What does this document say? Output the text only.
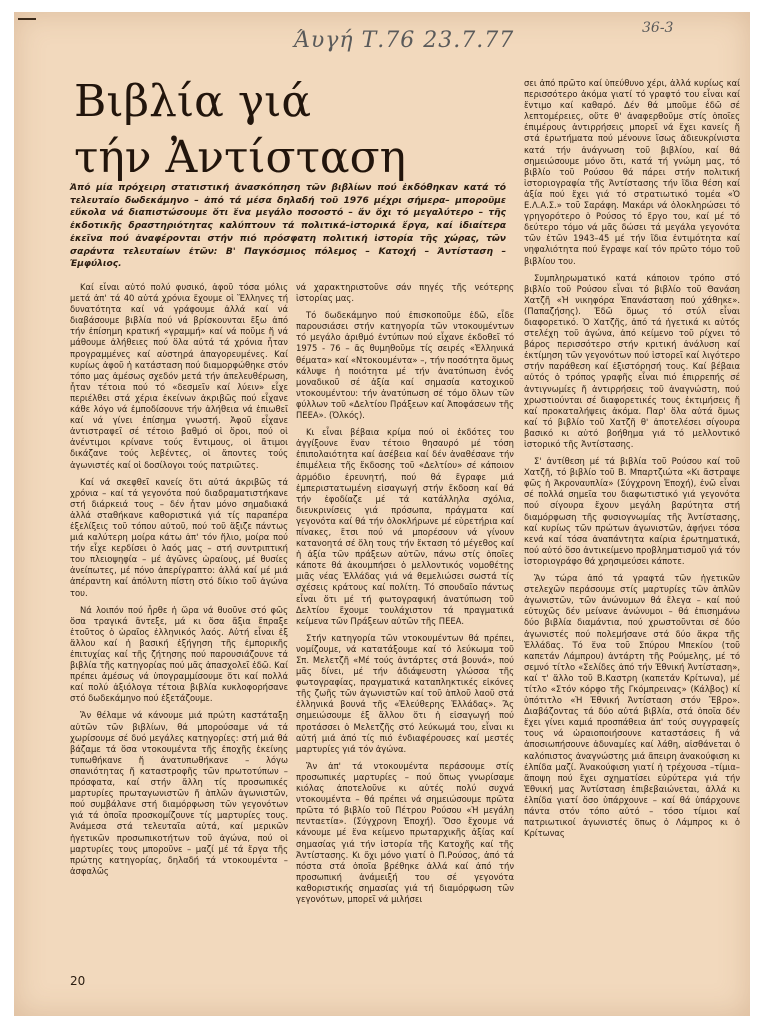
Άυγή Τ.76 23.7.77	36-3
Βιβλία γιά
τήν Ἀντίσταση

Ἀπό μία πρόχειρη στατιστική ἀνασκόπηση τῶν βιβλίων πού ἐκδόθηκαν κατά τό τελευταίο δωδεκάμηνο – ἀπό τά μέσα δηλαδή τοῦ 1976 μέχρι σήμερα– μποροῦμε εὔκολα νά διαπιστώσουμε ὅτι ἕνα μεγάλο ποσοστό – ἄν ὄχι τό μεγαλύτερο – τῆς ἐκδοτικῆς δραστηριότητας καλύπτουν τά πολιτικά–ἱστορικά ἔργα, καί ἰδιαίτερα ἐκεῖνα πού ἀναφέρονται στήν πιό πρόσφατη πολιτική ἱστορία τῆς χώρας, τῶν σαράντα τελευταίων ἐτῶν: Β' Παγκόσμιος πόλεμος – Κατοχή – Ἀντίσταση – Ἐμφύλιος.

Καί εἶναι αὐτό πολύ φυσικό, ἀφοῦ τόσα μόλις μετά ἀπ' τά 40 αὐτά χρόνια ἔχουμε οἱ Ἕλληνες τή δυνατότητα καί νά γράφουμε ἀλλά καί νά διαβάσουμε βιβλία πού νά βρίσκουνται ἔξω ἀπό τήν ἐπίσημη κρατική «γραμμή» καί νά ποῦμε ἤ νά μάθουμε ἀλήθειες πού ὅλα αὐτά τά χρόνια ἦταν προγραμμένες καί αὐστηρά ἀπαγορευμένες. Καί κυρίως ἀφοῦ ἡ κατάσταση πού διαμορφώθηκε στόν τόπο μας ἀμέσως σχεδόν μετά τήν ἀπελευθέρωση, ἦταν τέτοια πού τό «δεσμεῖν καί λύειν» εἶχε περιέλθει στά χέρια ἐκείνων ἀκριβῶς πού εἶχανε κάθε λόγο νά ἐμποδίσουνε τήν ἀλήθεια νά ἐπιωθεῖ καί νά γίνει ἐπίσημα γνωστή. Ἀφοῦ εἶχανε ἀντιστραφεῖ σέ τέτοιο βαθμό οἱ ὅροι, πού οἱ ἀνέντιμοι κρίνανε τούς ἔντιμους, οἱ ἄτιμοι δικάζανε τούς λεβέντες, οἱ ἄποντες τούς ἀγωνιστές καί οἱ δοσίλογοι τούς πατριῶτες.

Καί νά σκεφθεῖ κανείς ὅτι αὐτά ἀκριβῶς τά χρόνια – καί τά γεγονότα πού διαδραματιστήκανε στή διάρκειά τους – δέν ἦταν μόνο σημαδιακά ἀλλά σταθήκανε καθοριστικά γιά τίς παραπέρα ἐξελίξεις τοῦ τόπου αὐτοῦ, πού τοῦ ἄξιζε πάντως μιά καλύτερη μοίρα κάτω ἀπ' τόν ἥλιο, μοίρα πού τήν εἶχε κερδίσει ὁ λαός μας – στή συντριπτική του πλειοψηφία – μέ ἀγῶνες ὡραίους, μέ θυσίες ἀνείπωτες, μέ πόνο ἀπερίγραπτο: ἀλλά καί μέ μιά ἀπέραντη καί ἀπόλυτη πίστη στό δίκιο τοῦ ἀγώνα του.

Νά λοιπόν πού ἦρθε ἡ ὥρα νά θυοῦνε στό φῶς ὅσα τραγικά ἄντεξε, μά κι ὅσα ἄξια ἔπραξε ἐτοῦτος ὁ ὡραῖος ἑλληνικός λαός. Αὐτή εἶναι ἐξ ἄλλου καί ἡ βασική ἐξήγηση τῆς ἐμπορικῆς ἐπιτυχίας καί τῆς ζήτησης πού παρουσιάζουνε τά βιβλία τῆς κατηγορίας πού μᾶς ἀπασχολεῖ ἐδῶ. Καί πρέπει ἀμέσως νά ὑπογραμμίσουμε ὅτι καί πολλά καί πολύ ἀξιόλογα τέτοια βιβλία κυκλοφορήσανε στό δωδεκάμηνο πού ἐξετάζουμε.

Ἄν θέλαμε νά κάνουμε μιά πρώτη καστάταξη αὐτῶν τῶν βιβλίων, θά μπορούσαμε νά τά χωρίσουμε σέ δυό μεγάλες κατηγορίες: στή μιά θά βάζαμε τά ὅσα ντοκουμέντα τῆς ἐποχῆς ἐκείνης τυπωθήκανε ἤ ἀνατυπωθήκανε – λόγω σπανιότητας ἤ καταστροφῆς τῶν πρωτοτύπων – πρόσφατα, καί στήν ἄλλη τίς προσωπικές μαρτυρίες πρωταγωνιστῶν ἤ ἁπλῶν ἀγωνιστῶν, πού συμβάλανε στή διαμόρφωση τῶν γεγονότων γιά τά ὁποῖα προσκομίζουνε τίς μαρτυρίες τους. Ἀνάμεσα στά τελευταῖα αὐτά, καί μερικῶν ἡγετικῶν προσωπικοτήτων τοῦ ἀγώνα, πού οἱ μαρτυρίες τους μποροῦνε – μαζί μέ τά ἔργα τῆς πρώτης κατηγορίας, δηλαδή τά ντοκουμέντα – ἀσφαλῶς

νά χαρακτηριστοῦνε σάν πηγές τῆς νεότερης ἱστορίας μας.

Τό δωδεκάμηνο πού ἐπισκοποῦμε ἐδῶ, εἶδε παρουσιάσει στήν κατηγορία τῶν ντοκουμέντων τό μεγάλο ἀριθμό ἐντύπων πού εἶχανε ἐκδοθεῖ τό 1975 - 76 – ἄς θυμηθοῦμε τίς σειρές «Ἑλληνικά θέματα» καί «Ντοκουμέντα» –, τήν ποσότητα ὅμως κάλυψε ἡ ποιότητα μέ τήν ἀνατύπωση ἑνός μοναδικοῦ σέ ἀξία καί σημασία κατοχικοῦ ντοκουμέντου: τήν ἀνατύπωση σέ τόμο ὅλων τῶν φύλλων τοῦ «Δελτίου Πράξεων καί Ἀποφάσεων τῆς ΠΕΕΑ». (Ὀλκός).

Κι εἶναι βέβαια κρίμα πού οἱ ἐκδότες του ἀγγίξουνε ἕναν τέτοιο θησαυρό μέ τόση ἐπιπολαιότητα καί ἀσέβεια καί δέν ἀναθέσανε τήν ἐπιμέλεια τῆς ἔκδοσης τοῦ «Δελτίου» σέ κάποιον ἁρμόδιο ἐρευνητή, πού θά ἔγραφε μιά ἐμπεριστατωμένη εἰσαγωγή στήν ἔκδοση καί θά τήν ἐφοδίαζε μέ τά κατάλληλα σχόλια, διευκρινίσεις γιά πρόσωπα, πράγματα καί γεγονότα καί θά τήν ὁλοκλήρωνε μέ εὑρετήρια καί πίνακες, ἔτσι πού νά μπορέσουν νά γίνουν κατανοητά σέ ὅλη τους τήν ἔκταση τό μέγεθος καί ἡ ἀξία τῶν πράξεων αὐτῶν, πάνω στίς ὁποῖες κάποτε θά ἀκουμπήσει ὁ μελλοντικός νομοθέτης μιᾶς νέας Ἑλλάδας γιά νά θεμελιώσει σωστά τίς σχέσεις κράτους καί πολίτη. Τό σπουδαῖο πάντως εἶναι ὅτι μέ τή φωτογραφική ἀνατύπωση τοῦ Δελτίου ἔχουμε τουλάχιστον τά πραγματικά κείμενα τῶν Πράξεων αὐτῶν τῆς ΠΕΕΑ.

Στήν κατηγορία τῶν ντοκουμέντων θά πρέπει, νομίζουμε, νά κατατάξουμε καί τό λεύκωμα τοῦ Σπ. Μελετζῆ «Μέ τούς ἀντάρτες στά βουνά», πού μᾶς δίνει, μέ τήν ἀδιάψευστη γλώσσα τῆς φωτογραφίας, πραγματικά καταπληκτικές εἰκόνες τῆς ζωῆς τῶν ἀγωνιστῶν καί τοῦ ἁπλοῦ λαοῦ στά ἑλληνικά βουνά τῆς «Ἐλεύθερης Ἑλλάδας». Ἄς σημειώσουμε ἐξ ἄλλου ὅτι ἡ εἰσαγωγή πού προτάσσει ὁ Μελετζῆς στό λεύκωμά του, εἶναι κι αὐτή μιά ἀπό τίς πιό ἐνδιαφέρουσες καί μεστές μαρτυρίες γιά τόν ἀγώνα.

Ἄν ἀπ' τά ντοκουμέντα περάσουμε στίς προσωπικές μαρτυρίες – πού ὅπως γνωρίσαμε κιόλας ἀποτελοῦνε κι αὐτές πολύ συχνά ντοκουμέντα – θά πρέπει νά σημειώσουμε πρῶτα πρῶτα τό βιβλίο τοῦ Πέτρου Ρούσου «Ἡ μεγάλη πενταετία». (Σύγχρονη Ἐποχή). Ὅσο ἔχουμε νά κάνουμε μέ ἕνα κείμενο πρωταρχικῆς ἀξίας καί σημασίας γιά τήν ἱστορία τῆς Κατοχῆς καί τῆς Ἀντίστασης. Κι ὄχι μόνο γιατί ὁ Π.Ρούσος, ἀπό τά πόστα στά ὁποῖα βρέθηκε ἀλλά καί ἀπό τήν προσωπική ἀνάμειξή του σέ γεγονότα καθοριστικής σημασίας γιά τή διαμόρφωση τῶν γεγονότων, μπορεῖ νά μιλήσει

σει ἀπό πρῶτο καί ὑπεύθυνο χέρι, ἀλλά κυρίως καί περισσότερο ἀκόμα γιατί τό γραφτό του εἶναι καί ἔντιμο καί καθαρό. Δέν θά μποῦμε ἐδῶ σέ λεπτομέρειες, οὔτε θ' ἀναφερθοῦμε στίς ὁποῖες ἐπιμέρους ἀντιρρήσεις μπορεῖ νά ἔχει κανείς ἤ στά ἐρωτήματα πού μένουνε ἴσως ἀδιευκρίνιστα κατά τήν ἀνάγνωση τοῦ βιβλίου, καί θά σημειώσουμε μόνο ὅτι, κατά τή γνώμη μας, τό βιβλίο τοῦ Ρούσου θά πάρει στήν πολιτική ἱστοριογραφία τῆς Ἀντίστασης τήν ἴδια θέση καί ἀξία πού ἔχει γιά τό στρατιωτικό τομέα «Ὁ Ε.Λ.Α.Σ.» τοῦ Σαράφη. Μακάρι νά ὁλοκληρώσει τό γρηγορότερο ὁ Ρούσος τό ἔργο του, καί μέ τό δεύτερο τόμο νά μᾶς δώσει τά μεγάλα γεγονότα τῶν ἐτῶν 1943–45 μέ τήν ἴδια ἐντιμότητα καί νηφαλιότητα πού ἔγραψε καί τόν πρῶτο τόμο τοῦ βιβλίου του.

Συμπληρωματικό κατά κάποιον τρόπο στό βιβλίο τοῦ Ρούσου εἶναι τό βιβλίο τοῦ Θανάση Χατζῆ «Ἡ νικηφόρα Ἐπανάσταση πού χάθηκε». (Παπαζήσης). Ἐδῶ ὅμως τό στύλ εἶναι διαφορετικό. Ὁ Χατζῆς, ἀπό τά ἡγετικά κι αὐτός στελέχη τοῦ ἀγώνα, ἀπό κείμενο τοῦ ρίχνει τό βάρος περισσότερο στήν κριτική ἀνάλυση καί ἐκτίμηση τῶν γεγονότων πού ἱστορεῖ καί λιγότερο στήν παράθεση καί ἐξιστόρησή τους. Καί βέβαια αὐτός ὁ τρόπος γραφῆς εἶναι πιό ἐπιρρεπής σέ ἀντιγνωμίες ἤ ἀντιρρήσεις τοῦ ἀναγνώστη, πού χρωστιούνται σέ διαφορετικές τους ἐκτιμήσεις ἤ καί προκαταλήψεις ἀκόμα. Παρ' ὅλα αὐτά ὅμως καί τό βιβλίο τοῦ Χατζῆ θ' ἀποτελέσει σίγουρα βασικό κι αὐτό βοήθημα γιά τό μελλοντικό ἱστορικό τῆς Ἀντίστασης.

Σ' ἀντίθεση μέ τά βιβλία τοῦ Ρούσου καί τοῦ Χατζῆ, τό βιβλίο τοῦ Β. Μπαρτζιώτα «Κι ἄστραψε φῶς ἡ Ἀκροναυπλία» (Σύγχρονη Ἐποχή), ἐνῶ εἶναι σέ πολλά σημεῖα του διαφωτιστικό γιά γεγονότα πού σίγουρα ἔχουν μεγάλη βαρύτητα στή διαμόρφωση τῆς φυσιογνωμίας τῆς Ἀντίστασης, καί κυρίως τῶν πρώτων ἀγωνιστῶν, ἀφήνει τόσα κενά καί τόσα ἀναπάντητα καίρια ἐρωτηματικά, πού αὐτό ὅσο ἀντικείμενο προβληματισμοῦ γιά τόν ἱστοριογράφο θά χρησιμεύσει κάποτε.

Ἄν τώρα ἀπό τά γραφτά τῶν ἡγετικῶν στελεχῶν περάσουμε στίς μαρτυρίες τῶν ἁπλῶν ἀγωνιστῶν, τῶν ἀνώνυμων θά ἔλεγα – καί πού εὐτυχῶς δέν μείνανε ἀνώνυμοι – θά ἐπισημάνω δύο βιβλία διαμάντια, πού χρωστοῦνται σέ δύο ἀγωνιστές πού πολεμήσανε στά δύο ἄκρα τῆς Ἑλλάδας. Τό ἕνα τοῦ Σπύρου Μπεκίου (τοῦ καπετάν Λάμπρου) ἀντάρτη τῆς Ρούμελης, μέ τό σεμνό τίτλο «Σελίδες ἀπό τήν Ἐθνική Ἀντίσταση», καί τ' ἄλλο τοῦ Β.Καστρη (καπετάν Κρίτωνα), μέ τίτλο «Στόν κόρφο τῆς Γκόμπρεινας» (Κάλβος) κί ὑπότιτλο «Ἡ Ἐθνική Ἀντίσταση στόν Ἔβρο». Διαβάζοντας τά δύο αὐτά βιβλία, στά ὁποῖα δέν ἔχει γίνει καμιά προσπάθεια ἀπ' τούς συγγραφείς τους νά ὡραιοποιήσουνε καταστάσεις ἤ νά ἀποσιωπήσουνε ἀδυναμίες καί λάθη, αἰσθάνεται ὁ καλόπιστος ἀναγνώστης μιά ἄπειρη ἀνακούφιση κι ἐλπίδα μαζί. Ἀνακούφιση γιατί ἡ τρέχουσα –τίμια– ἄποψη πού ἔχει σχηματίσει εὐρύτερα γιά τήν Ἐθνική μας Ἀντίσταση ἐπιβεβαιώνεται, ἀλλά κι ἐλπίδα γιατί ὅσο ὑπάρχουνε – καί θά ὑπάρχουνε πάντα στόν τόπο αὐτό – τόσο τίμιοι καί πατριωτικοί ἀγωνιστές ὅπως ὁ Λάμπρος κι ὁ Κρίτωνας

20
